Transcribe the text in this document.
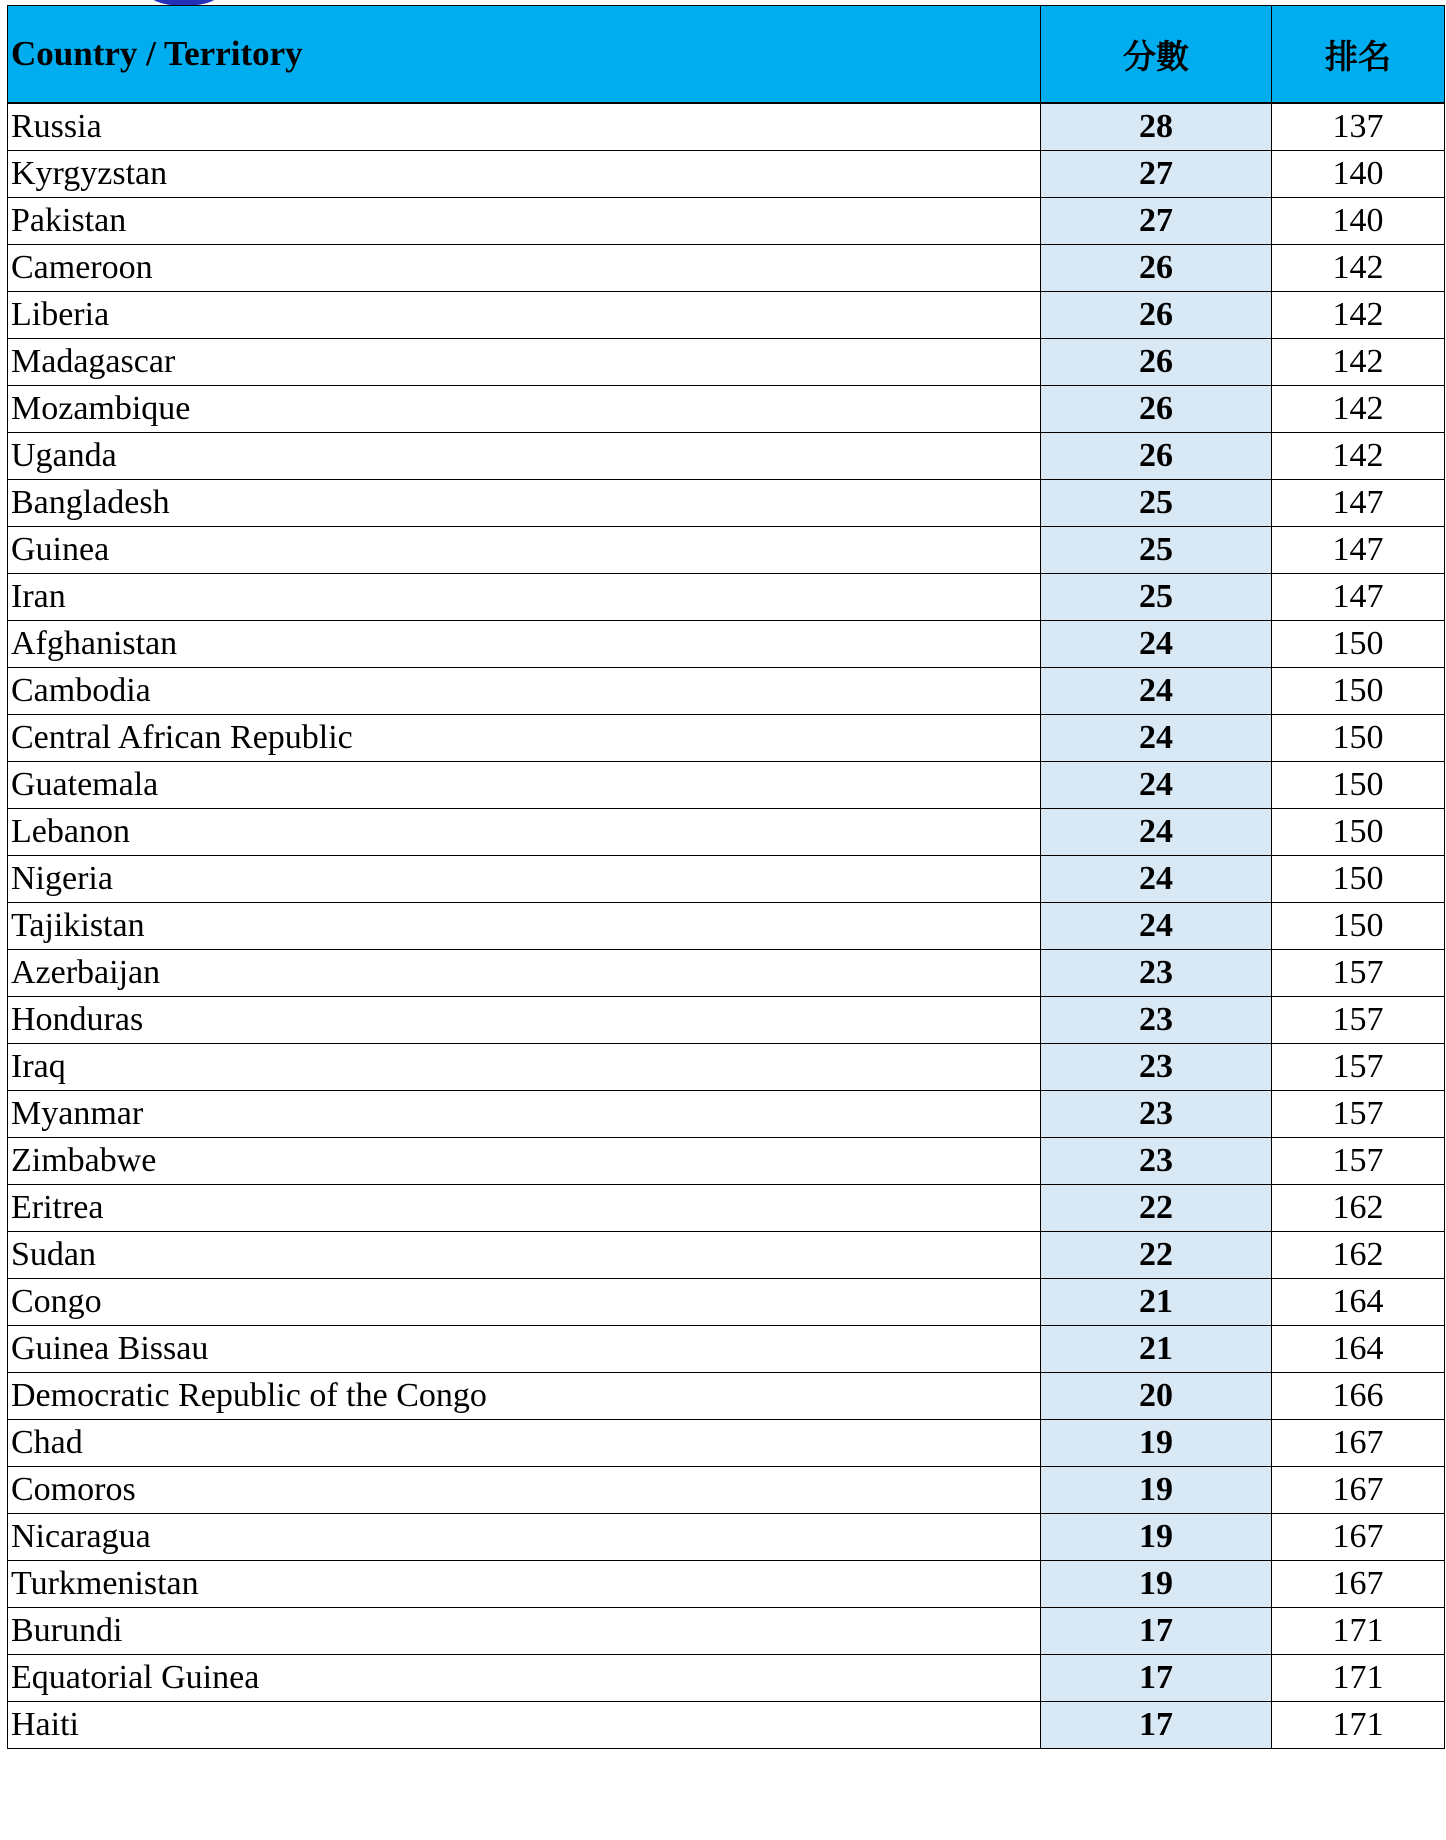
Country / Territory	分數	排名
Russia	28	137
Kyrgyzstan	27	140
Pakistan	27	140
Cameroon	26	142
Liberia	26	142
Madagascar	26	142
Mozambique	26	142
Uganda	26	142
Bangladesh	25	147
Guinea	25	147
Iran	25	147
Afghanistan	24	150
Cambodia	24	150
Central African Republic	24	150
Guatemala	24	150
Lebanon	24	150
Nigeria	24	150
Tajikistan	24	150
Azerbaijan	23	157
Honduras	23	157
Iraq	23	157
Myanmar	23	157
Zimbabwe	23	157
Eritrea	22	162
Sudan	22	162
Congo	21	164
Guinea Bissau	21	164
Democratic Republic of the Congo	20	166
Chad	19	167
Comoros	19	167
Nicaragua	19	167
Turkmenistan	19	167
Burundi	17	171
Equatorial Guinea	17	171
Haiti	17	171
